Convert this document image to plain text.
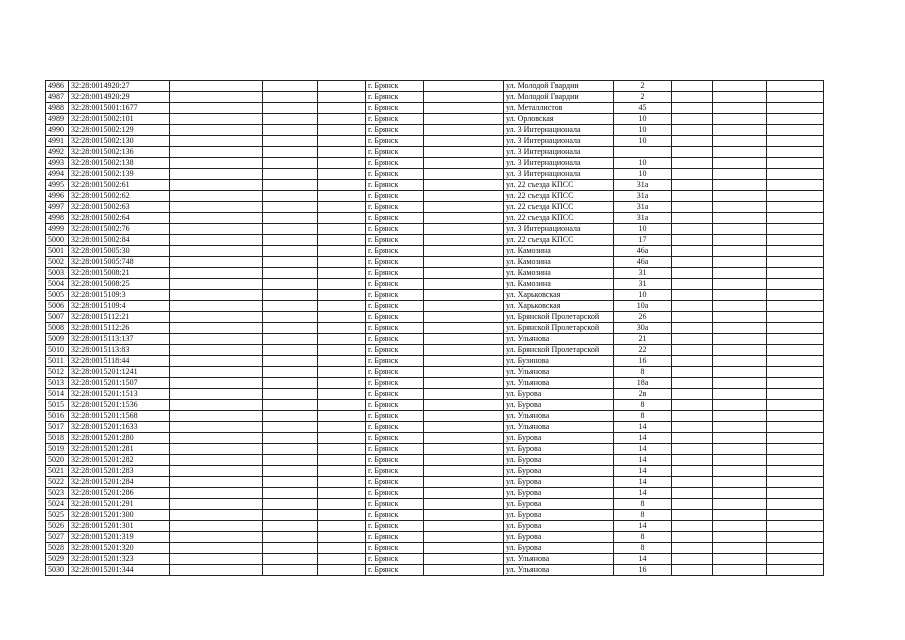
4986	32:28:0014920:27				г. Брянск		ул. Молодой Гвардии	2				
4987	32:28:0014920:29				г. Брянск		ул. Молодой Гвардии	2				
4988	32:28:0015001:1677				г. Брянск		ул. Металлистов	45				
4989	32:28:0015002:101				г. Брянск		ул. Орловская	10				
4990	32:28:0015002:129				г. Брянск		ул. 3 Интернационала	10				
4991	32:28:0015002:130				г. Брянск		ул. 3 Интернационала	10				
4992	32:28:0015002:136				г. Брянск		ул. 3 Интернационала					
4993	32:28:0015002:138				г. Брянск		ул. 3 Интернационала	10				
4994	32:28:0015002:139				г. Брянск		ул. 3 Интернационала	10				
4995	32:28:0015002:61				г. Брянск		ул. 22 съезда КПСС	31а				
4996	32:28:0015002:62				г. Брянск		ул. 22 съезда КПСС	31а				
4997	32:28:0015002:63				г. Брянск		ул. 22 съезда КПСС	31а				
4998	32:28:0015002:64				г. Брянск		ул. 22 съезда КПСС	31а				
4999	32:28:0015002:76				г. Брянск		ул. 3 Интернационала	10				
5000	32:28:0015002:84				г. Брянск		ул. 22 съезда КПСС	17				
5001	32:28:0015005:30				г. Брянск		ул. Камозина	46а				
5002	32:28:0015005:748				г. Брянск		ул. Камозина	46а				
5003	32:28:0015008:21				г. Брянск		ул. Камозина	31				
5004	32:28:0015008:25				г. Брянск		ул. Камозина	31				
5005	32:28:0015109:3				г. Брянск		ул. Харьковская	10				
5006	32:28:0015109:4				г. Брянск		ул. Харьковская	10а				
5007	32:28:0015112:21				г. Брянск		ул. Брянской Пролетарской	26				
5008	32:28:0015112:26				г. Брянск		ул. Брянской Пролетарской	30а				
5009	32:28:0015113:137				г. Брянск		ул. Ульянова	21				
5010	32:28:0015113:83				г. Брянск		ул. Брянской Пролетарской	22				
5011	32:28:0015118:44				г. Брянск		ул. Бузинова	16				
5012	32:28:0015201:1241				г. Брянск		ул. Ульянова	8				
5013	32:28:0015201:1507				г. Брянск		ул. Ульянова	18а				
5014	32:28:0015201:1513				г. Брянск		ул. Бурова	2в				
5015	32:28:0015201:1536				г. Брянск		ул. Бурова	8				
5016	32:28:0015201:1568				г. Брянск		ул. Ульянова	8				
5017	32:28:0015201:1633				г. Брянск		ул. Ульянова	14				
5018	32:28:0015201:280				г. Брянск		ул. Бурова	14				
5019	32:28:0015201:281				г. Брянск		ул. Бурова	14				
5020	32:28:0015201:282				г. Брянск		ул. Бурова	14				
5021	32:28:0015201:283				г. Брянск		ул. Бурова	14				
5022	32:28:0015201:284				г. Брянск		ул. Бурова	14				
5023	32:28:0015201:286				г. Брянск		ул. Бурова	14				
5024	32:28:0015201:291				г. Брянск		ул. Бурова	8				
5025	32:28:0015201:300				г. Брянск		ул. Бурова	8				
5026	32:28:0015201:301				г. Брянск		ул. Бурова	14				
5027	32:28:0015201:319				г. Брянск		ул. Бурова	8				
5028	32:28:0015201:320				г. Брянск		ул. Бурова	8				
5029	32:28:0015201:323				г. Брянск		ул. Ульянова	14				
5030	32:28:0015201:344				г. Брянск		ул. Ульянова	16				
